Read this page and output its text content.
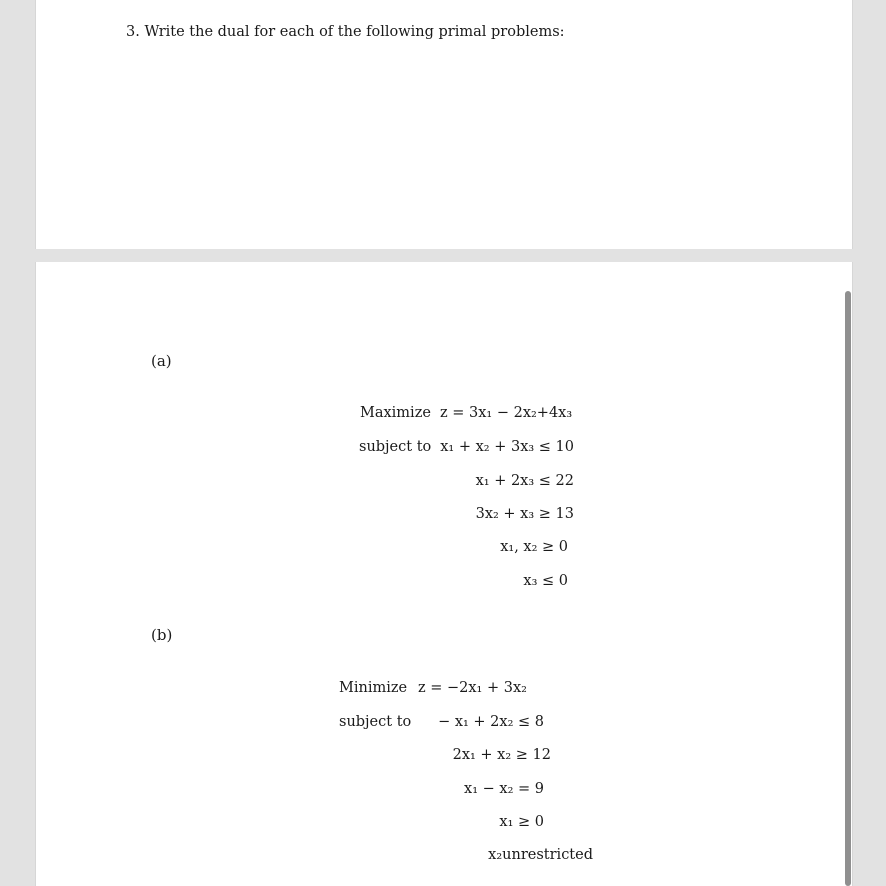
3. Write the dual for each of the following primal problems:
(a)
Maximize z = 3x₁ − 2x₂+4x₃
subject to x₁ + x₂ + 3x₃ ≤ 10
x₁ + 2x₃ ≤ 22
3x₂ + x₃ ≥ 13
x₁, x₂ ≥ 0
x₃ ≤ 0
(b)
Minimize z = −2x₁ + 3x₂
subject to − x₁ + 2x₂ ≤ 8
2x₁ + x₂ ≥ 12
x₁ − x₂ = 9
x₁ ≥ 0
x₂unrestricted
